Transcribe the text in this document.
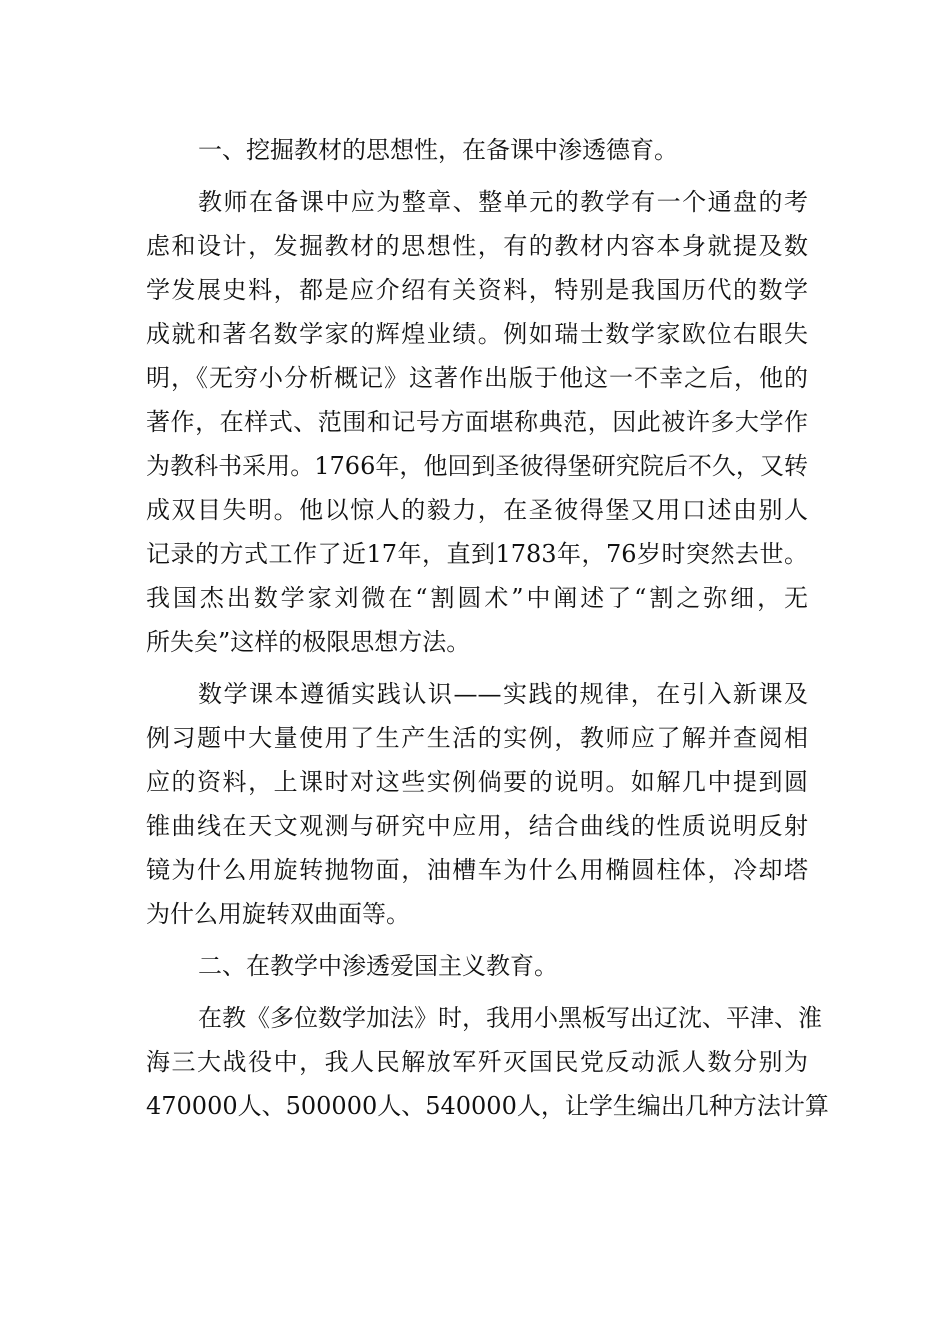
一、挖掘教材的思想性，在备课中渗透德育。
教师在备课中应为整章、整单元的教学有一个通盘的考
虑和设计，发掘教材的思想性，有的教材内容本身就提及数
学发展史料，都是应介绍有关资料，特别是我国历代的数学
成就和著名数学家的辉煌业绩。例如瑞士数学家欧位右眼失
明，《无穷小分析概记》这著作出版于他这一不幸之后，他的
著作，在样式、范围和记号方面堪称典范，因此被许多大学作
为教科书采用。1766年，他回到圣彼得堡研究院后不久，又转
成双目失明。他以惊人的毅力，在圣彼得堡又用口述由别人
记录的方式工作了近17年，直到1783年，76岁时突然去世。
我国杰出数学家刘微在“割圆术”中阐述了“割之弥细，无
所失矣”这样的极限思想方法。
数学课本遵循实践认识——实践的规律，在引入新课及
例习题中大量使用了生产生活的实例，教师应了解并查阅相
应的资料，上课时对这些实例倘要的说明。如解几中提到圆
锥曲线在天文观测与研究中应用，结合曲线的性质说明反射
镜为什么用旋转抛物面，油槽车为什么用椭圆柱体，冷却塔
为什么用旋转双曲面等。
二、在教学中渗透爱国主义教育。
在教《多位数学加法》时，我用小黑板写出辽沈、平津、淮
海三大战役中，我人民解放军歼灭国民党反动派人数分别为
470000人、500000人、540000人，让学生编出几种方法计算
